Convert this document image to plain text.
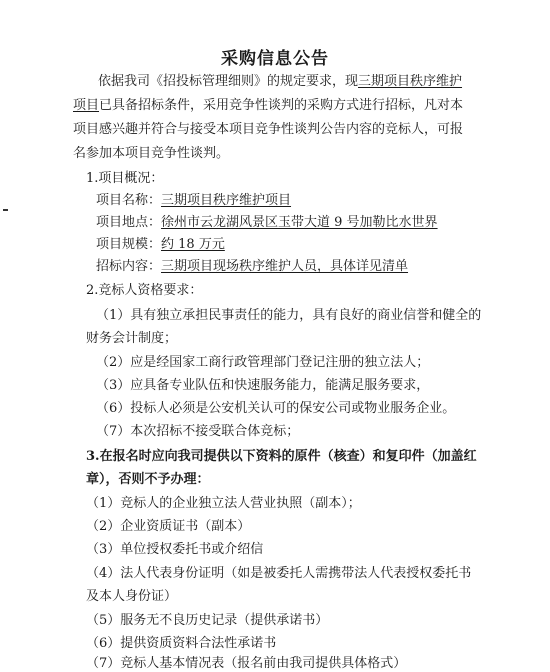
采购信息公告
依据我司《招投标管理细则》的规定要求，现三期项目秩序维护
项目已具备招标条件，采用竞争性谈判的采购方式进行招标，凡对本
项目感兴趣并符合与接受本项目竞争性谈判公告内容的竞标人，可报
名参加本项目竞争性谈判。
1.项目概况：
项目名称：三期项目秩序维护项目
项目地点：徐州市云龙湖风景区玉带大道 9 号加勒比水世界
项目规模：约 18 万元
招标内容：三期项目现场秩序维护人员，具体详见清单
2.竞标人资格要求：
（1）具有独立承担民事责任的能力，具有良好的商业信誉和健全的
财务会计制度；
（2）应是经国家工商行政管理部门登记注册的独立法人；
（3）应具备专业队伍和快速服务能力，能满足服务要求，
（6）投标人必须是公安机关认可的保安公司或物业服务企业。
（7）本次招标不接受联合体竞标；
3.在报名时应向我司提供以下资料的原件（核查）和复印件（加盖红
章），否则不予办理：
（1）竞标人的企业独立法人营业执照（副本）；
（2）企业资质证书（副本）
（3）单位授权委托书或介绍信
（4）法人代表身份证明（如是被委托人需携带法人代表授权委托书
及本人身份证）
（5）服务无不良历史记录（提供承诺书）
（6）提供资质资料合法性承诺书
（7）竞标人基本情况表（报名前由我司提供具体格式）
